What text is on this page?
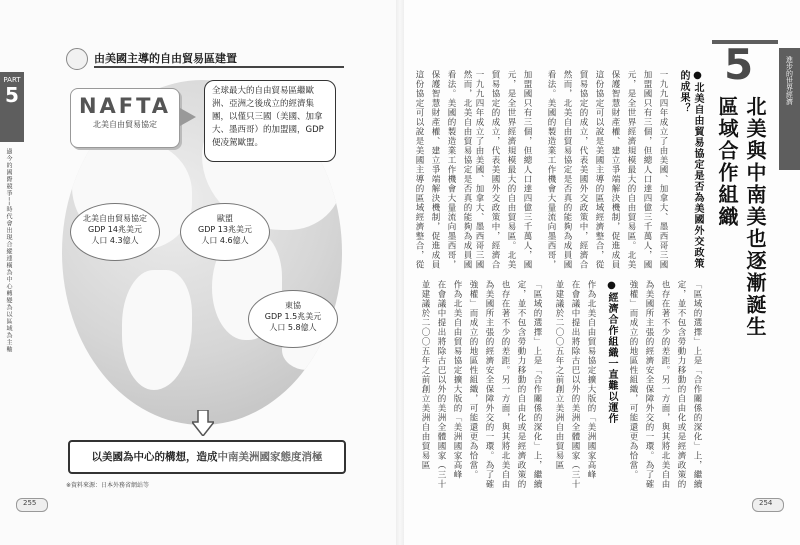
PART
5
過今的國際競爭──時代會出現合縱連橫為中心轉變為以區域為主軸
由美國主導的自由貿易區建置
NAFTA
北美自由貿易協定
全球最大的自由貿易區繼歐洲、亞洲之後成立的經濟集團，以僅只三國（美國、加拿大、墨西哥）的加盟國，GDP便凌駕歐盟。
北美自由貿易協定
GDP 14兆美元
人口 4.3億人
歐盟
GDP 13兆美元
人口 4.6億人
東協
GDP 1.5兆美元
人口 5.8億人
以美國為中心的構想，造成中南美洲國家態度消極
※資料來源：日本外務省網站等
255
進步的世界經濟
5
北美與中南美也逐漸誕生
區域合作組織
●北美自由貿易協定是否為美國外交政策
的成果？
一九九四年成立了由美國、加拿大、墨西哥三國
加盟國只有三個，但總人口達四億三千萬人，國
元，是全世界經濟規模最大的自由貿易區。北美
保護智慧財產權、建立爭端解決機制，促進成員
這份協定可以說是美國主導的區域經濟整合，從
貿易協定的成立，代表美國外交政策中，經濟合
然而，北美自由貿易協定是否真的能夠為成員國
看法。美國的製造業工作機會大量流向墨西哥，
「區域的選擇」上是「合作關係的深化」上，繼續
定，並不包含勞動力移動的自由化或是經濟政策的
也存在著不少的差距。另一方面，與其將北美自由
為美國所主張的經濟安全保障外交的一環。為了確
強權」而成立的地區性組織，可能還更為恰當。
●經濟合作組織一直難以運作
作為北美自由貿易協定擴大版的「美洲國家高峰
在會議中提出將除古巴以外的美洲全體國家（三十
並建議於二〇〇五年之前創立美洲自由貿易區
然而，北美自由貿易協定是否真的能夠為成員國
看法。美國的製造業工作機會大量流向墨西哥，
保護智慧財產權、建立爭端解決機制，促進成員
這份協定可以說是美國主導的區域經濟整合，從
加盟國只有三個，但總人口達四億三千萬人，國
元，是全世界經濟規模最大的自由貿易區。北美
貿易協定的成立，代表美國外交政策中，經濟合
一九九四年成立了由美國、加拿大、墨西哥三國
「區域的選擇」上是「合作關係的深化」上，繼續
定，並不包含勞動力移動的自由化或是經濟政策的
也存在著不少的差距。另一方面，與其將北美自由
為美國所主張的經濟安全保障外交的一環。為了確
強權」而成立的地區性組織，可能還更為恰當。
作為北美自由貿易協定擴大版的「美洲國家高峰
在會議中提出將除古巴以外的美洲全體國家（三十
並建議於二〇〇五年之前創立美洲自由貿易區
254
